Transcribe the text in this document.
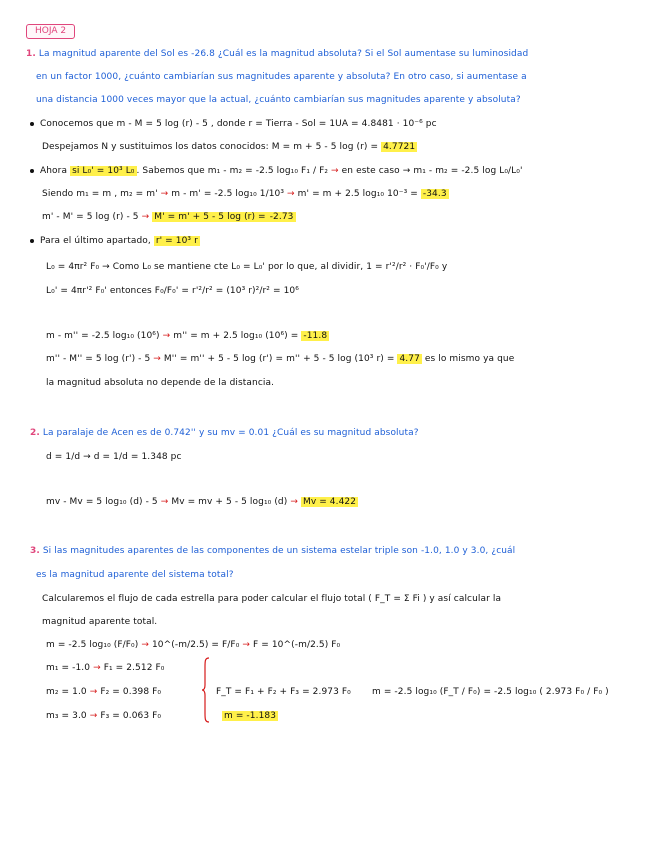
HOJA 2
1. La magnitud aparente del Sol es -26.8 ¿Cuál es la magnitud absoluta? Si el Sol aumentase su luminosidad
en un factor 1000, ¿cuánto cambiarían sus magnitudes aparente y absoluta? En otro caso, si aumentase a
una distancia 1000 veces mayor que la actual, ¿cuánto cambiarían sus magnitudes aparente y absoluta?
Conocemos que m - M = 5 log (r) - 5 , donde r = Tierra - Sol = 1UA = 4.8481 · 10⁻⁶ pc
Despejamos N y sustituimos los datos conocidos: M = m + 5 - 5 log (r) = 4.7721
Ahora si L₀' = 10³ L₀ . Sabemos que m₁ - m₂ = -2.5 log₁₀ F₁ / F₂ → en este caso → m₁ - m₂ = -2.5 log L₀/L₀'
Siendo m₁ = m , m₂ = m' → m - m' = -2.5 log₁₀ 1/10³ → m' = m + 2.5 log₁₀ 10⁻³ = -34.3
m' - M' = 5 log (r) - 5 → M' = m' + 5 - 5 log (r) = -2.73
Para el último apartado, r' = 10³ r
L₀ = 4πr² F₀ → Como L₀ se mantiene cte L₀ = L₀' por lo que, al dividir, 1 = r'²/r² · F₀'/F₀ y
L₀' = 4πr'² F₀' entonces F₀/F₀' = r'²/r² = (10³ r)²/r² = 10⁶
m - m'' = -2.5 log₁₀ (10⁶) → m'' = m + 2.5 log₁₀ (10⁶) = -11.8
m'' - M'' = 5 log (r') - 5 → M'' = m'' + 5 - 5 log (r') = m'' + 5 - 5 log (10³ r) = 4.77 es lo mismo ya que
la magnitud absoluta no depende de la distancia.
2. La paralaje de Acen es de 0.742'' y su mv = 0.01 ¿Cuál es su magnitud absoluta?
d = 1/d → d = 1/d = 1.348 pc
mv - Mv = 5 log₁₀ (d) - 5 → Mv = mv + 5 - 5 log₁₀ (d) → Mv = 4.422
3. Si las magnitudes aparentes de las componentes de un sistema estelar triple son -1.0, 1.0 y 3.0, ¿cuál
es la magnitud aparente del sistema total?
Calcularemos el flujo de cada estrella para poder calcular el flujo total ( F_T = Σ Fi ) y así calcular la
magnitud aparente total.
m = -2.5 log₁₀ (F/F₀) → 10^(-m/2.5) = F/F₀ → F = 10^(-m/2.5) F₀
m₁ = -1.0 → F₁ = 2.512 F₀
m₂ = 1.0 → F₂ = 0.398 F₀	F_T = F₁ + F₂ + F₃ = 2.973 F₀ m = -2.5 log₁₀ (F_T / F₀) = -2.5 log₁₀ ( 2.973 F₀ / F₀ )
m₃ = 3.0 → F₃ = 0.063 F₀	m = -1.183
